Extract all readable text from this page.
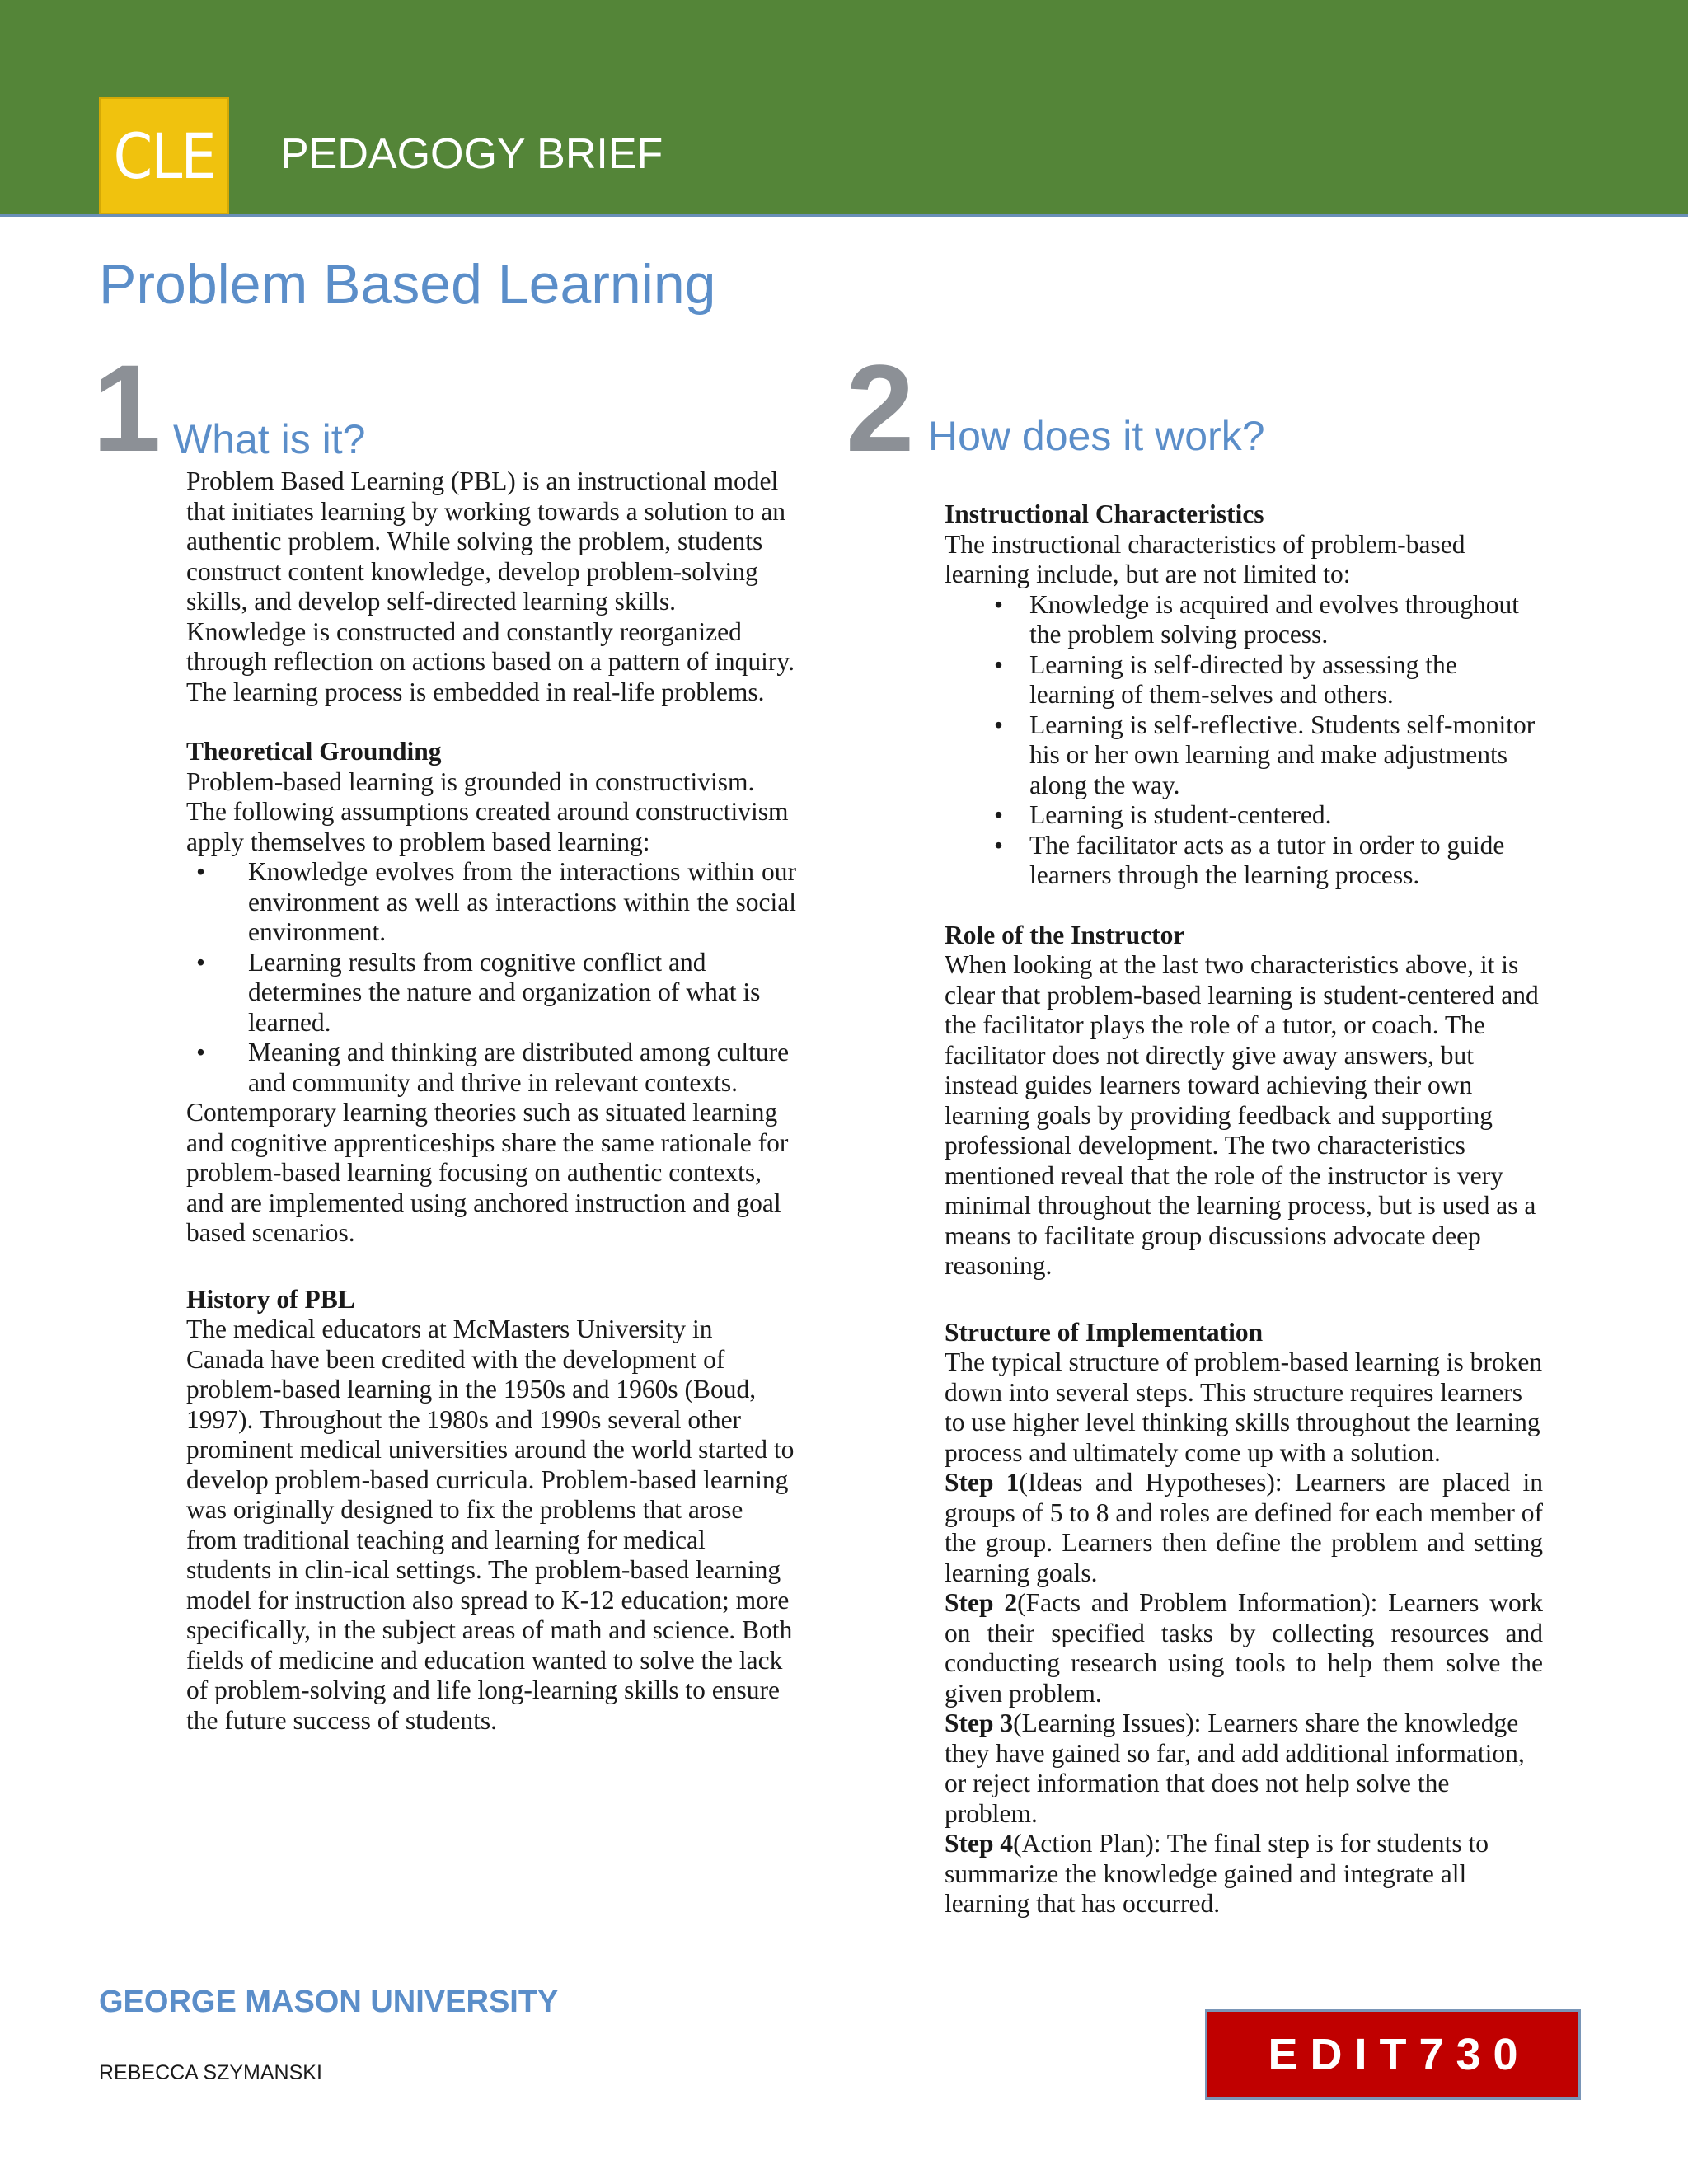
CLE PEDAGOGY BRIEF
Problem Based Learning
1 What is it?

Problem Based Learning (PBL) is an instructional model that initiates learning by working towards a solution to an authentic problem. While solving the problem, students construct content knowledge, develop problem-solving skills, and develop self-directed learning skills. Knowledge is constructed and constantly reorganized through reflection on actions based on a pattern of inquiry. The learning process is embedded in real-life problems.

Theoretical Grounding

Problem-based learning is grounded in constructivism. The following assumptions created around constructivism apply themselves to problem based learning:

• Knowledge evolves from the interactions within our environment as well as interactions within the social environment.
• Learning results from cognitive conflict and determines the nature and organization of what is learned.
• Meaning and thinking are distributed among culture and community and thrive in relevant contexts.

Contemporary learning theories such as situated learning and cognitive apprenticeships share the same rationale for problem-based learning focusing on authentic contexts, and are implemented using anchored instruction and goal based scenarios.

History of PBL

The medical educators at McMasters University in Canada have been credited with the development of problem-based learning in the 1950s and 1960s (Boud, 1997). Throughout the 1980s and 1990s several other prominent medical universities around the world started to develop problem-based curricula. Problem-based learning was originally designed to fix the problems that arose from traditional teaching and learning for medical students in clin-ical settings. The problem-based learning model for instruction also spread to K-12 education; more specifically, in the subject areas of math and science. Both fields of medicine and education wanted to solve the lack of problem-solving and life long-learning skills to ensure the future success of students.

2 How does it work?
Instructional Characteristics

The instructional characteristics of problem-based learning include, but are not limited to:

• Knowledge is acquired and evolves throughout the problem solving process.
• Learning is self-directed by assessing the learning of them-selves and others.
• Learning is self-reflective. Students self-monitor his or her own learning and make adjustments along the way.
• Learning is student-centered.
• The facilitator acts as a tutor in order to guide learners through the learning process.
Role of the Instructor

When looking at the last two characteristics above, it is clear that problem-based learning is student-centered and the facilitator plays the role of a tutor, or coach. The facilitator does not directly give away answers, but instead guides learners toward achieving their own learning goals by providing feedback and supporting professional development. The two characteristics mentioned reveal that the role of the instructor is very minimal throughout the learning process, but is used as a means to facilitate group discussions advocate deep reasoning.

Structure of Implementation

The typical structure of problem-based learning is broken down into several steps. This structure requires learners to use higher level thinking skills throughout the learning process and ultimately come up with a solution.

Step 1(Ideas and Hypotheses): Learners are placed in groups of 5 to 8 and roles are defined for each member of the group. Learners then define the problem and setting learning goals.

Step 2(Facts and Problem Information): Learners work on their specified tasks by collecting resources and conducting research using tools to help them solve the given problem.

Step 3(Learning Issues): Learners share the knowledge they have gained so far, and add additional information, or reject information that does not help solve the problem.

Step 4(Action Plan): The final step is for students to summarize the knowledge gained and integrate all learning that has occurred.

GEORGE MASON UNIVERSITY
REBECCA SZYMANSKI	EDIT730
